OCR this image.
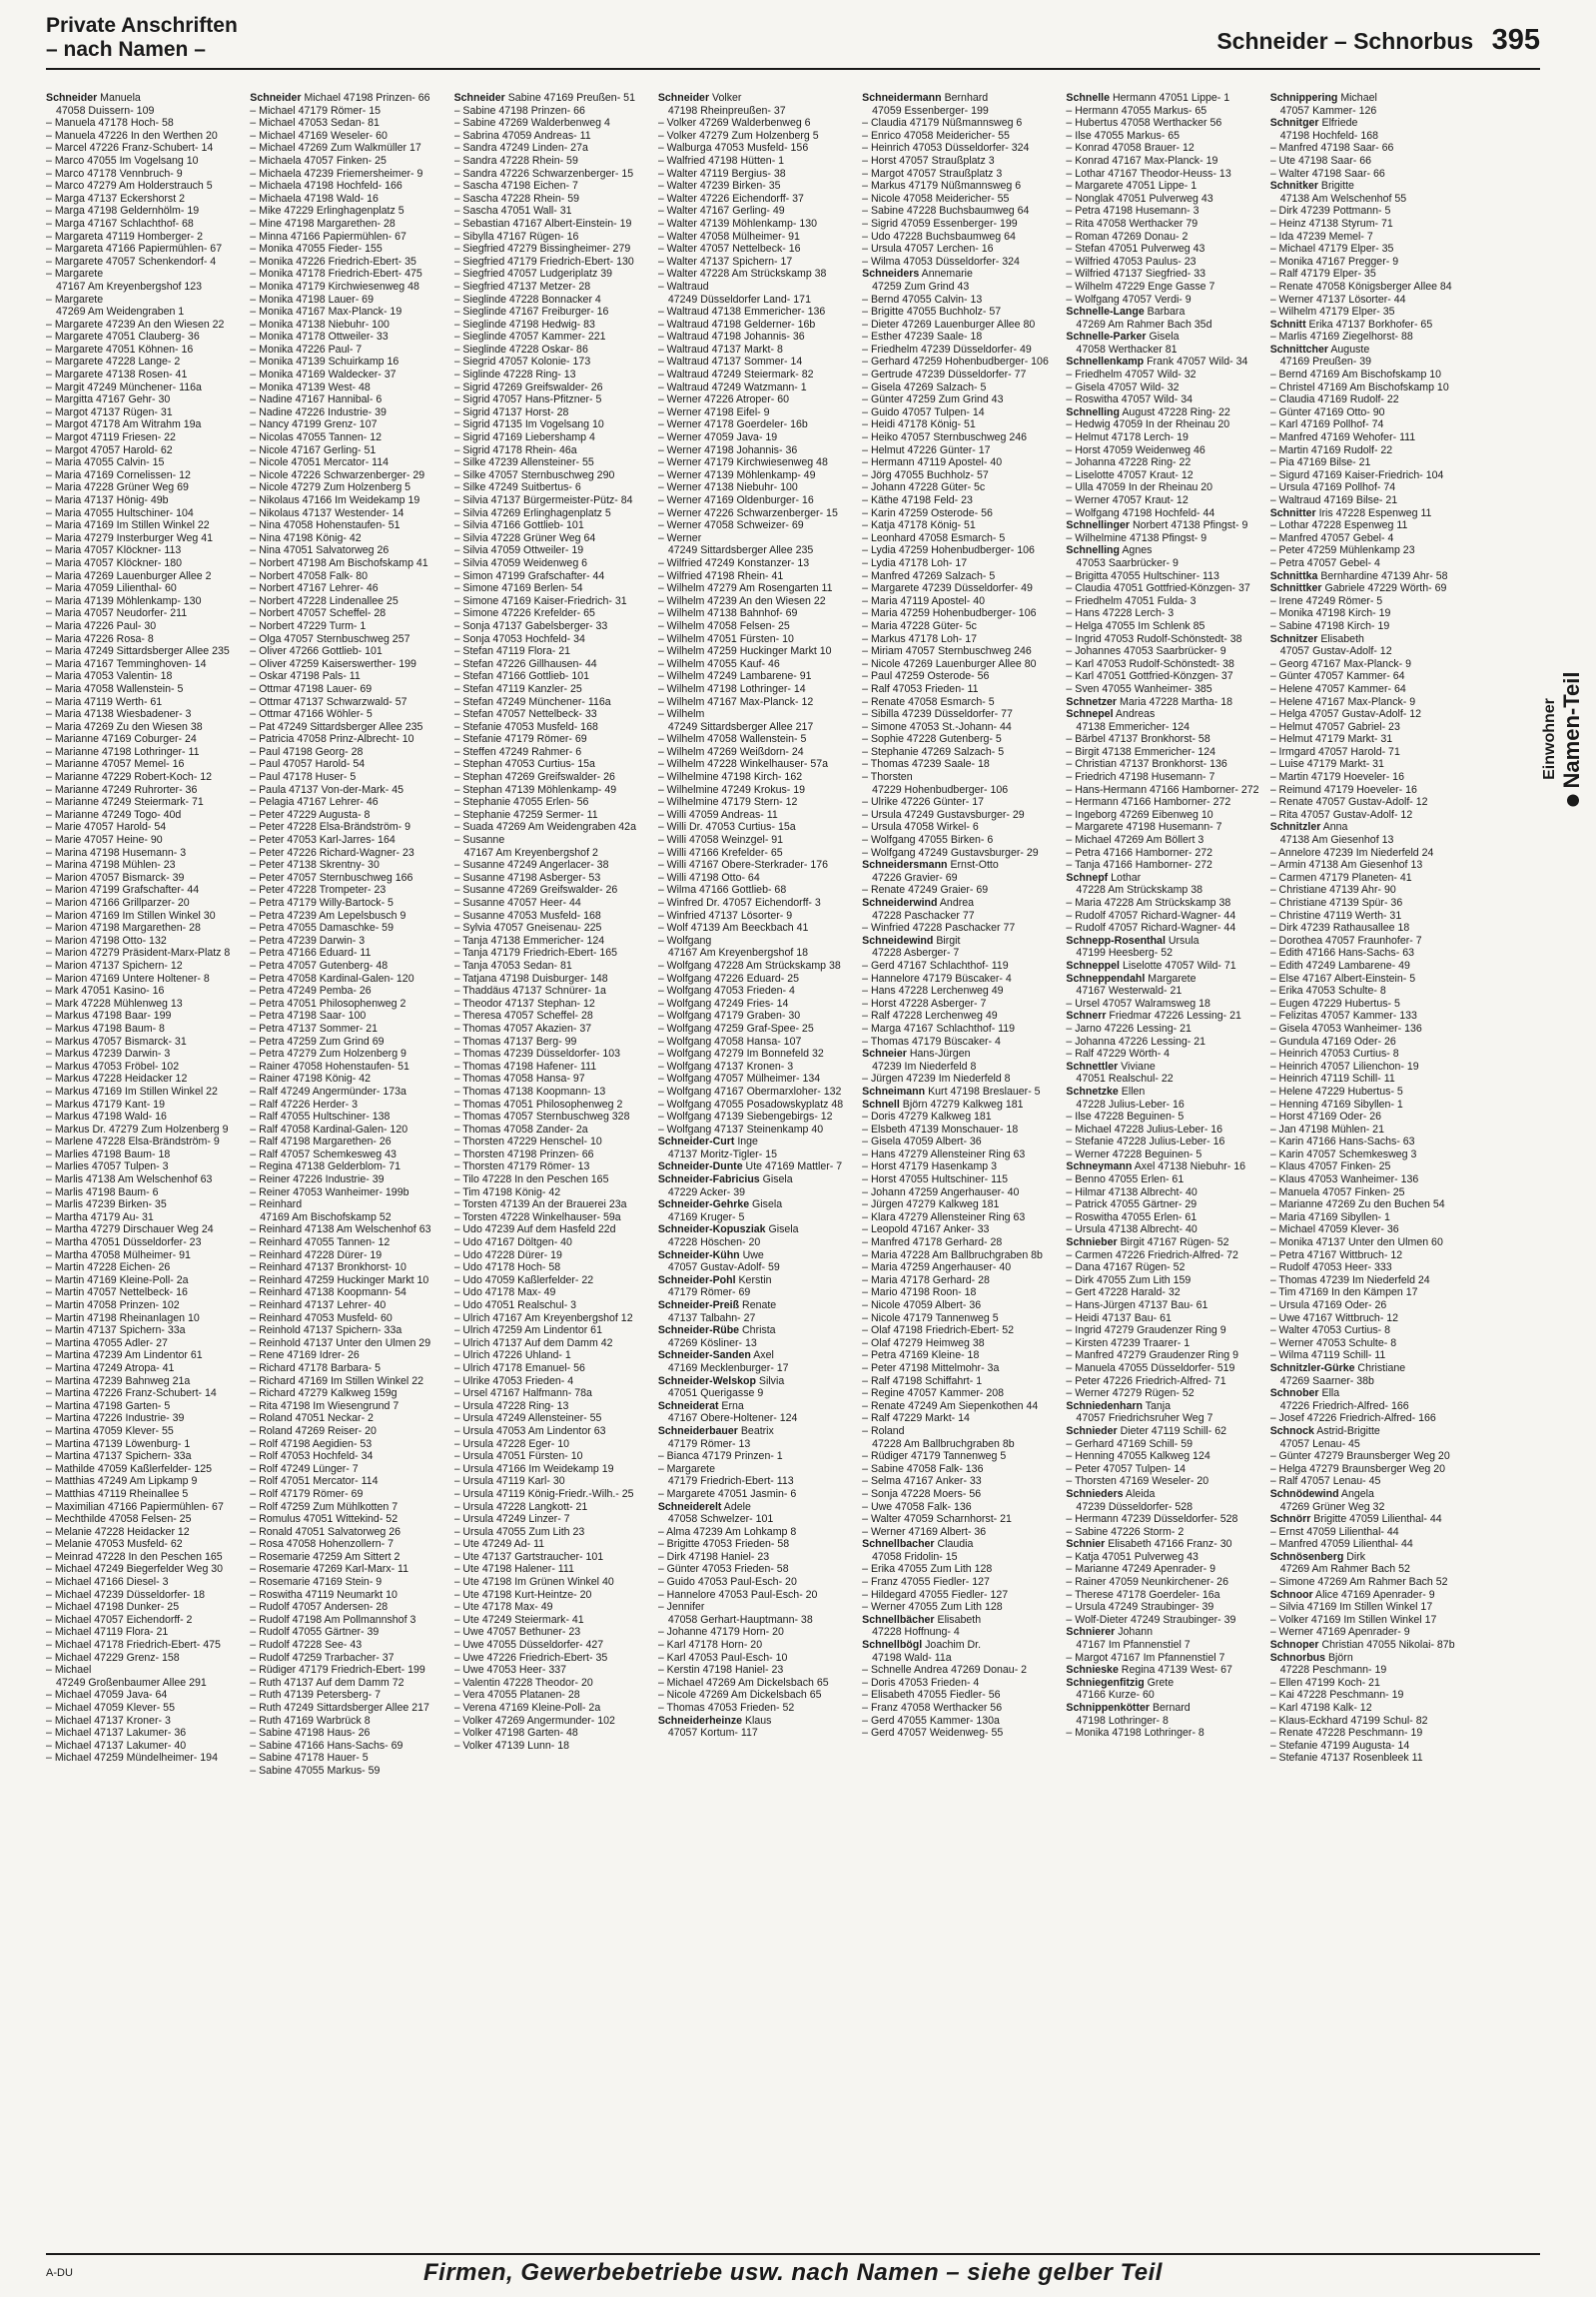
Private Anschriften
– nach Namen –	Schneider – Schnorbus 395
Schneider Manuela
47058 Duissern- 109
– Manuela 47178 Hoch- 58
– Manuela 47226 In den Werthen 20
– Marcel 47226 Franz-Schubert- 14
– Marco 47055 Im Vogelsang 10
– Marco 47178 Vennbruch- 9
– Marco 47279 Am Holderstrauch 5
– Marga 47137 Eckershorst 2
– Marga 47198 Geldernhölm- 19
– Marga 47167 Schlachthof- 68
– Margareta 47119 Homberger- 2
– Margareta 47166 Papiermühlen- 67
– Margarete 47057 Schenkendorf- 4
– Margarete
47167 Am Kreyenbergshof 123
– Margarete
47269 Am Weidengraben 1
– Margarete 47239 An den Wiesen 22
– Margarete 47051 Clauberg- 36
– Margarete 47051 Köhnen- 16
– Margarete 47228 Lange- 2
– Margarete 47138 Rosen- 41
– Margit 47249 Münchener- 116a
– Margitta 47167 Gehr- 30
– Margot 47137 Rügen- 31
– Margot 47178 Am Witrahm 19a
– Margot 47119 Friesen- 22
– Margot 47057 Harold- 62
– Maria 47055 Calvin- 15
– Maria 47169 Cornelissen- 12
– Maria 47228 Grüner Weg 69
– Maria 47137 Hönig- 49b
– Maria 47055 Hultschiner- 104
– Maria 47169 Im Stillen Winkel 22
– Maria 47279 Insterburger Weg 41
– Maria 47057 Klöckner- 113
– Maria 47057 Klöckner- 180
– Maria 47269 Lauenburger Allee 2
– Maria 47059 Lilienthal- 60
– Maria 47139 Möhlenkamp- 130
– Maria 47057 Neudorfer- 211
– Maria 47226 Paul- 30
– Maria 47226 Rosa- 8
– Maria 47249 Sittardsberger Allee 235
– Maria 47167 Temminghoven- 14
– Maria 47053 Valentin- 18
– Maria 47058 Wallenstein- 5
– Maria 47119 Werth- 61
– Maria 47138 Wiesbadener- 3
– Maria 47269 Zu den Wiesen 38
– Marianne 47169 Coburger- 24
– Marianne 47198 Lothringer- 11
– Marianne 47057 Memel- 16
– Marianne 47229 Robert-Koch- 12
– Marianne 47249 Ruhrorter- 36
– Marianne 47249 Steiermark- 71
– Marianne 47249 Togo- 40d
– Marie 47057 Harold- 54
– Marie 47057 Heine- 90
– Marina 47198 Husemann- 3
– Marina 47198 Mühlen- 23
– Marion 47057 Bismarck- 39
– Marion 47199 Grafschafter- 44
– Marion 47166 Grillparzer- 20
– Marion 47169 Im Stillen Winkel 30
– Marion 47198 Margarethen- 28
– Marion 47198 Otto- 132
– Marion 47279 Präsident-Marx-Platz 8
– Marion 47137 Spichern- 12
– Marion 47169 Untere Holtener- 8
– Mark 47051 Kasino- 16
– Mark 47228 Mühlenweg 13
– Markus 47198 Baar- 199
– Markus 47198 Baum- 8
– Markus 47057 Bismarck- 31
– Markus 47239 Darwin- 3
– Markus 47053 Fröbel- 102
– Markus 47228 Heidacker 12
– Markus 47169 Im Stillen Winkel 22
– Markus 47179 Kant- 19
– Markus 47198 Wald- 16
– Markus Dr. 47279 Zum Holzenberg 9
– Marlene 47228 Elsa-Brändström- 9
– Marlies 47198 Baum- 18
– Marlies 47057 Tulpen- 3
– Marlis 47138 Am Welschenhof 63
– Marlis 47198 Baum- 6
– Marlis 47239 Birken- 35
– Martha 47179 Au- 31
– Martha 47279 Dirschauer Weg 24
– Martha 47051 Düsseldorfer- 23
– Martha 47058 Mülheimer- 91
– Martin 47228 Eichen- 26
– Martin 47169 Kleine-Poll- 2a
– Martin 47057 Nettelbeck- 16
– Martin 47058 Prinzen- 102
– Martin 47198 Rheinanlagen 10
– Martin 47137 Spichern- 33a
– Martina 47055 Adler- 27
– Martina 47239 Am Lindentor 61
– Martina 47249 Atropa- 41
– Martina 47239 Bahnweg 21a
– Martina 47226 Franz-Schubert- 14
– Martina 47198 Garten- 5
– Martina 47226 Industrie- 39
– Martina 47059 Klever- 55
– Martina 47139 Löwenburg- 1
– Martina 47137 Spichern- 33a
– Mathilde 47059 Kaßlerfelder- 125
– Matthias 47249 Am Lipkamp 9
– Matthias 47119 Rheinallee 5
– Maximilian 47166 Papiermühlen- 67
– Mechthilde 47058 Felsen- 25
– Melanie 47228 Heidacker 12
– Melanie 47053 Musfeld- 62
– Meinrad 47228 In den Peschen 165
– Michael 47249 Biegerfelder Weg 30
– Michael 47166 Diesel- 3
– Michael 47239 Düsseldorfer- 18
– Michael 47198 Dunker- 25
– Michael 47057 Eichendorff- 2
– Michael 47119 Flora- 21
– Michael 47178 Friedrich-Ebert- 475
– Michael 47229 Grenz- 158
– Michael
47249 Großenbaumer Allee 291
– Michael 47059 Java- 64
– Michael 47059 Klever- 55
– Michael 47137 Kroner- 3
– Michael 47137 Lakumer- 36
– Michael 47137 Lakumer- 40
– Michael 47259 Mündelheimer- 194
Schneider Michael 47198 Prinzen- 66
– Michael 47179 Römer- 15
– Michael 47053 Sedan- 81
– Michael 47169 Weseler- 60
– Michael 47269 Zum Walkmüller 17
– Michaela 47057 Finken- 25
– Michaela 47239 Friemersheimer- 9
– Michaela 47198 Hochfeld- 166
– Michaela 47198 Wald- 16
– Mike 47229 Erlinghagenplatz 5
– Mine 47198 Margarethen- 28
– Minna 47166 Papiermühlen- 67
– Monika 47055 Fieder- 155
– Monika 47226 Friedrich-Ebert- 35
– Monika 47178 Friedrich-Ebert- 475
– Monika 47179 Kirchwiesenweg 48
– Monika 47198 Lauer- 69
– Monika 47167 Max-Planck- 19
– Monika 47138 Niebuhr- 100
– Monika 47178 Ottweiler- 33
– Monika 47226 Paul- 7
– Monika 47139 Schuirkamp 16
– Monika 47169 Waldecker- 37
– Monika 47139 West- 48
– Nadine 47167 Hannibal- 6
– Nadine 47226 Industrie- 39
– Nancy 47199 Grenz- 107
– Nicolas 47055 Tannen- 12
– Nicole 47167 Gerling- 51
– Nicole 47051 Mercator- 114
– Nicole 47226 Schwarzenberger- 29
– Nicole 47279 Zum Holzenberg 5
– Nikolaus 47166 Im Weidekamp 19
– Nikolaus 47137 Westender- 14
– Nina 47058 Hohenstaufen- 51
– Nina 47198 König- 42
– Nina 47051 Salvatorweg 26
– Norbert 47198 Am Bischofskamp 41
– Norbert 47058 Falk- 80
– Norbert 47167 Lehrer- 46
– Norbert 47228 Lindenallee 25
– Norbert 47057 Scheffel- 28
– Norbert 47229 Turm- 1
– Olga 47057 Sternbuschweg 257
– Oliver 47266 Gottlieb- 101
– Oliver 47259 Kaiserswerther- 199
– Oskar 47198 Pals- 11
– Ottmar 47198 Lauer- 69
– Ottmar 47137 Schwarzwald- 57
– Ottmar 47166 Wöhler- 5
– Pat 47249 Sittardsberger Allee 235
– Patricia 47058 Prinz-Albrecht- 10
– Paul 47198 Georg- 28
– Paul 47057 Harold- 54
– Paul 47178 Huser- 5
– Paula 47137 Von-der-Mark- 45
– Pelagia 47167 Lehrer- 46
– Peter 47229 Augusta- 8
– Peter 47228 Elsa-Brändström- 9
– Peter 47053 Karl-Jarres- 164
– Peter 47226 Richard-Wagner- 23
– Peter 47138 Skrentny- 30
– Peter 47057 Sternbuschweg 166
– Peter 47228 Trompeter- 23
– Petra 47179 Willy-Bartock- 5
– Petra 47239 Am Lepelsbusch 9
– Petra 47055 Damaschke- 59
– Petra 47239 Darwin- 3
– Petra 47166 Eduard- 11
– Petra 47057 Gutenberg- 48
– Petra 47058 Kardinal-Galen- 120
– Petra 47249 Pemba- 26
– Petra 47051 Philosophenweg 2
– Petra 47198 Saar- 100
– Petra 47137 Sommer- 21
– Petra 47259 Zum Grind 69
– Petra 47279 Zum Holzenberg 9
– Rainer 47058 Hohenstaufen- 51
– Rainer 47198 König- 42
– Ralf 47249 Angermünder- 173a
– Ralf 47226 Herder- 3
– Ralf 47055 Hultschiner- 138
– Ralf 47058 Kardinal-Galen- 120
– Ralf 47198 Margarethen- 26
– Ralf 47057 Schemkesweg 43
– Regina 47138 Gelderblom- 71
– Reiner 47226 Industrie- 39
– Reiner 47053 Wanheimer- 199b
– Reinhard
47169 Am Bischofskamp 52
– Reinhard 47138 Am Welschenhof 63
– Reinhard 47055 Tannen- 12
– Reinhard 47228 Dürer- 19
– Reinhard 47137 Bronkhorst- 10
– Reinhard 47259 Huckinger Markt 10
– Reinhard 47138 Koopmann- 54
– Reinhard 47137 Lehrer- 40
– Reinhard 47053 Musfeld- 60
– Reinhold 47137 Spichern- 33a
– Reinhold 47137 Unter den Ulmen 29
– Rene 47169 Idrer- 26
– Richard 47178 Barbara- 5
– Richard 47169 Im Stillen Winkel 22
– Richard 47279 Kalkweg 159g
– Rita 47198 Im Wiesengrund 7
– Roland 47051 Neckar- 2
– Roland 47269 Reiser- 20
– Rolf 47198 Aegidien- 53
– Rolf 47053 Hochfeld- 34
– Rolf 47249 Lünger- 7
– Rolf 47051 Mercator- 114
– Rolf 47179 Römer- 69
– Rolf 47259 Zum Mühlkotten 7
– Romulus 47051 Wittekind- 52
– Ronald 47051 Salvatorweg 26
– Rosa 47058 Hohenzollern- 7
– Rosemarie 47259 Am Sittert 2
– Rosemarie 47269 Karl-Marx- 11
– Rosemarie 47169 Stein- 9
– Roswitha 47119 Neumarkt 10
– Rudolf 47057 Andersen- 28
– Rudolf 47198 Am Pollmannshof 3
– Rudolf 47055 Gärtner- 39
– Rudolf 47228 See- 43
– Rudolf 47259 Trarbacher- 37
– Rüdiger 47179 Friedrich-Ebert- 199
– Ruth 47137 Auf dem Damm 72
– Ruth 47139 Petersberg- 7
– Ruth 47249 Sittardsberger Allee 217
– Ruth 47169 Warbrück 8
– Sabine 47198 Haus- 26
– Sabine 47166 Hans-Sachs- 69
– Sabine 47178 Hauer- 5
– Sabine 47055 Markus- 59
Schneider Sabine 47169 Preußen- 51
– Sabine 47198 Prinzen- 66
– Sabine 47269 Walderbenweg 4
– Sabrina 47059 Andreas- 11
– Sandra 47249 Linden- 27a
– Sandra 47228 Rhein- 59
– Sandra 47226 Schwarzenberger- 15
– Sascha 47198 Eichen- 7
– Sascha 47228 Rhein- 59
– Sascha 47051 Wall- 31
– Sebastian 47167 Albert-Einstein- 19
– Sibylla 47167 Rügen- 16
– Siegfried 47279 Bissingheimer- 279
– Siegfried 47179 Friedrich-Ebert- 130
– Siegfried 47057 Ludgeriplatz 39
– Siegfried 47137 Metzer- 28
– Sieglinde 47228 Bonnacker 4
– Sieglinde 47167 Freiburger- 16
– Sieglinde 47198 Hedwig- 83
– Sieglinde 47057 Kammer- 221
– Sieglinde 47228 Oskar- 86
– Siegrid 47057 Kolonie- 173
– Siglinde 47228 Ring- 13
– Sigrid 47269 Greifswalder- 26
– Sigrid 47057 Hans-Pfitzner- 5
– Sigrid 47137 Horst- 28
– Sigrid 47135 Im Vogelsang 10
– Sigrid 47169 Liebershamp 4
– Sigrid 47178 Rhein- 46a
– Silke 47239 Allensteiner- 55
– Silke 47057 Sternbuschweg 290
– Silke 47249 Suitbertus- 6
– Silvia 47137 Bürgermeister-Pütz- 84
– Silvia 47269 Erlinghagenplatz 5
– Silvia 47166 Gottlieb- 101
– Silvia 47228 Grüner Weg 64
– Silvia 47059 Ottweiler- 19
– Silvia 47059 Weidenweg 6
– Simon 47199 Grafschafter- 44
– Simone 47169 Berlen- 54
– Simone 47169 Kaiser-Friedrich- 31
– Simone 47226 Krefelder- 65
– Sonja 47137 Gabelsberger- 33
– Sonja 47053 Hochfeld- 34
– Stefan 47119 Flora- 21
– Stefan 47226 Gillhausen- 44
– Stefan 47166 Gottlieb- 101
– Stefan 47119 Kanzler- 25
– Stefan 47249 Münchener- 116a
– Stefan 47057 Nettelbeck- 33
– Stefanie 47053 Musfeld- 168
– Stefanie 47179 Römer- 69
– Steffen 47249 Rahmer- 6
– Stephan 47053 Curtius- 15a
– Stephan 47269 Greifswalder- 26
– Stephan 47139 Möhlenkamp- 49
– Stephanie 47055 Erlen- 56
– Stephanie 47259 Sermer- 11
– Suada 47269 Am Weidengraben 42a
– Susanne
47167 Am Kreyenbergshof 2
– Susanne 47249 Angerlacer- 38
– Susanne 47198 Asberger- 53
– Susanne 47269 Greifswalder- 26
– Susanne 47057 Heer- 44
– Susanne 47053 Musfeld- 168
– Sylvia 47057 Gneisenau- 225
– Tanja 47138 Emmericher- 124
– Tanja 47179 Friedrich-Ebert- 165
– Tanja 47053 Sedan- 81
– Tatjana 47198 Duisburger- 148
– Thaddäus 47137 Schnürer- 1a
– Theodor 47137 Stephan- 12
– Theresa 47057 Scheffel- 28
– Thomas 47057 Akazien- 37
– Thomas 47137 Berg- 99
– Thomas 47239 Düsseldorfer- 103
– Thomas 47198 Hafener- 111
– Thomas 47058 Hansa- 97
– Thomas 47138 Koopmann- 13
– Thomas 47051 Philosophenweg 2
– Thomas 47057 Sternbuschweg 328
– Thomas 47058 Zander- 2a
– Thorsten 47229 Henschel- 10
– Thorsten 47198 Prinzen- 66
– Thorsten 47179 Römer- 13
– Tilo 47228 In den Peschen 165
– Tim 47198 König- 42
– Torsten 47139 An der Brauerei 23a
– Torsten 47228 Winkelhauser- 59a
– Udo 47239 Auf dem Hasfeld 22d
– Udo 47167 Döltgen- 40
– Udo 47228 Dürer- 19
– Udo 47178 Hoch- 58
– Udo 47059 Kaßlerfelder- 22
– Udo 47178 Max- 49
– Udo 47051 Realschul- 3
– Ulrich 47167 Am Kreyenbergshof 12
– Ulrich 47259 Am Lindentor 61
– Ulrich 47137 Auf dem Damm 42
– Ulrich 47226 Uhland- 1
– Ulrich 47178 Emanuel- 56
– Ulrike 47053 Frieden- 4
– Ursel 47167 Halfmann- 78a
– Ursula 47228 Ring- 13
– Ursula 47249 Allensteiner- 55
– Ursula 47053 Am Lindentor 63
– Ursula 47228 Eger- 10
– Ursula 47051 Fürsten- 10
– Ursula 47166 Im Weidekamp 19
– Ursula 47119 Karl- 30
– Ursula 47119 König-Friedr.-Wilh.- 25
– Ursula 47228 Langkott- 21
– Ursula 47249 Linzer- 7
– Ursula 47055 Zum Lith 23
– Ute 47249 Ad- 11
– Ute 47137 Gartstraucher- 101
– Ute 47198 Halener- 111
– Ute 47198 Im Grünen Winkel 40
– Ute 47198 Kurt-Heintze- 20
– Ute 47178 Max- 49
– Ute 47249 Steiermark- 41
– Uwe 47057 Bethuner- 23
– Uwe 47055 Düsseldorfer- 427
– Uwe 47226 Friedrich-Ebert- 35
– Uwe 47053 Heer- 337
– Valentin 47228 Theodor- 20
– Vera 47055 Platanen- 28
– Verena 47169 Kleine-Poll- 2a
– Volker 47269 Angermunder- 102
– Volker 47198 Garten- 48
– Volker 47139 Lunn- 18
Schneider Volker
47198 Rheinpreußen- 37
– Volker 47269 Walderbenweg 6
– Volker 47279 Zum Holzenberg 5
– Walburga 47053 Musfeld- 156
– Walfried 47198 Hütten- 1
– Walter 47119 Bergius- 38
– Walter 47239 Birken- 35
– Walter 47226 Eichendorff- 37
– Walter 47167 Gerling- 49
– Walter 47139 Möhlenkamp- 130
– Walter 47058 Mülheimer- 91
– Walter 47057 Nettelbeck- 16
– Walter 47137 Spichern- 17
– Walter 47228 Am Strückskamp 38
– Waltraud
47249 Düsseldorfer Land- 171
– Waltraud 47138 Emmericher- 136
– Waltraud 47198 Gelderner- 16b
– Waltraud 47198 Johannis- 36
– Waltraud 47137 Markt- 8
– Waltraud 47137 Sommer- 14
– Waltraud 47249 Steiermark- 82
– Waltraud 47249 Watzmann- 1
– Werner 47226 Atroper- 60
– Werner 47198 Eifel- 9
– Werner 47178 Goerdeler- 16b
– Werner 47059 Java- 19
– Werner 47198 Johannis- 36
– Werner 47179 Kirchwiesenweg 48
– Werner 47139 Möhlenkamp- 49
– Werner 47138 Niebuhr- 100
– Werner 47169 Oldenburger- 16
– Werner 47226 Schwarzenberger- 15
– Werner 47058 Schweizer- 69
– Werner
47249 Sittardsberger Allee 235
– Wilfried 47249 Konstanzer- 13
– Wilfried 47198 Rhein- 41
– Wilhelm 47279 Am Rosengarten 11
– Wilhelm 47239 An den Wiesen 22
– Wilhelm 47138 Bahnhof- 69
– Wilhelm 47058 Felsen- 25
– Wilhelm 47051 Fürsten- 10
– Wilhelm 47259 Huckinger Markt 10
– Wilhelm 47055 Kauf- 46
– Wilhelm 47249 Lambarene- 91
– Wilhelm 47198 Lothringer- 14
– Wilhelm 47167 Max-Planck- 12
– Wilhelm
47249 Sittardsberger Allee 217
– Wilhelm 47058 Wallenstein- 5
– Wilhelm 47269 Weißdorn- 24
– Wilhelm 47228 Winkelhauser- 57a
– Wilhelmine 47198 Kirch- 162
– Wilhelmine 47249 Krokus- 19
– Wilhelmine 47179 Stern- 12
– Willi 47059 Andreas- 11
– Willi Dr. 47053 Curtius- 15a
– Willi 47058 Weinzgel- 91
– Willi 47166 Krefelder- 65
– Willi 47167 Obere-Sterkrader- 176
– Willi 47198 Otto- 64
– Wilma 47166 Gottlieb- 68
– Winfred Dr. 47057 Eichendorff- 3
– Winfried 47137 Lösorter- 9
– Wolf 47139 Am Beeckbach 41
– Wolfgang
47167 Am Kreyenbergshof 18
– Wolfgang 47228 Am Strückskamp 38
– Wolfgang 47226 Eduard- 25
– Wolfgang 47053 Frieden- 4
– Wolfgang 47249 Fries- 14
– Wolfgang 47179 Graben- 30
– Wolfgang 47259 Graf-Spee- 25
– Wolfgang 47058 Hansa- 107
– Wolfgang 47279 Im Bonnefeld 32
– Wolfgang 47137 Kronen- 3
– Wolfgang 47057 Mülheimer- 134
– Wolfgang 47167 Obermarxloher- 132
– Wolfgang 47055 Posadowskyplatz 48
– Wolfgang 47139 Siebengebirgs- 12
– Wolfgang 47137 Steinenkamp 40
Schneider-Curt Inge
47137 Moritz-Tigler- 15
Schneider-Dunte Ute 47169 Mattler- 7
Schneider-Fabricius Gisela
47229 Acker- 39
Schneider-Gehrke Gisela
47169 Kruger- 5
Schneider-Kopusziak Gisela
47228 Höschen- 20
Schneider-Kühn Uwe
47057 Gustav-Adolf- 59
Schneider-Pohl Kerstin
47179 Römer- 69
Schneider-Preiß Renate
47137 Talbahn- 27
Schneider-Rübe Christa
47269 Kösliner- 13
Schneider-Sanden Axel
47169 Mecklenburger- 17
Schneider-Welskop Silvia
47051 Querigasse 9
Schneiderat Erna
47167 Obere-Holtener- 124
Schneiderbauer Beatrix
47179 Römer- 13
– Bianca 47179 Prinzen- 1
– Margarete
47179 Friedrich-Ebert- 113
– Margarete 47051 Jasmin- 6
Schneiderelt Adele
47058 Schwelzer- 101
– Alma 47239 Am Lohkamp 8
– Brigitte 47053 Frieden- 58
– Dirk 47198 Haniel- 23
– Günter 47053 Frieden- 58
– Guido 47053 Paul-Esch- 20
– Hannelore 47053 Paul-Esch- 20
– Jennifer
47058 Gerhart-Hauptmann- 38
– Johanne 47179 Horn- 20
– Karl 47178 Horn- 20
– Karl 47053 Paul-Esch- 10
– Kerstin 47198 Haniel- 23
– Michael 47269 Am Dickelsbach 65
– Nicole 47269 Am Dickelsbach 65
– Thomas 47053 Frieden- 52
Schneiderheinze Klaus
47057 Kortum- 117
Schneidermann Bernhard
47059 Essenberger- 199
– Claudia 47179 Nüßmannsweg 6
– Enrico 47058 Meidericher- 55
– Heinrich 47053 Düsseldorfer- 324
– Horst 47057 Straußplatz 3
– Margot 47057 Straußplatz 3
– Markus 47179 Nüßmannsweg 6
– Nicole 47058 Meidericher- 55
– Sabine 47228 Buchsbaumweg 64
– Sigrid 47059 Essenberger- 199
– Udo 47228 Buchsbaumweg 64
– Ursula 47057 Lerchen- 16
– Wilma 47053 Düsseldorfer- 324
Schneiders Annemarie
47259 Zum Grind 43
– Bernd 47055 Calvin- 13
– Brigitte 47055 Buchholz- 57
– Dieter 47269 Lauenburger Allee 80
– Esther 47239 Saale- 18
– Friedhelm 47239 Düsseldorfer- 49
– Gerhard 47259 Hohenbudberger- 106
– Gertrude 47239 Düsseldorfer- 77
– Gisela 47269 Salzach- 5
– Günter 47259 Zum Grind 43
– Guido 47057 Tulpen- 14
– Heidi 47178 König- 51
– Heiko 47057 Sternbuschweg 246
– Helmut 47226 Günter- 17
– Hermann 47119 Apostel- 40
– Jörg 47055 Buchholz- 57
– Johann 47228 Güter- 5c
– Käthe 47198 Feld- 23
– Karin 47259 Osterode- 56
– Katja 47178 König- 51
– Leonhard 47058 Esmarch- 5
– Lydia 47259 Hohenbudberger- 106
– Lydia 47178 Loh- 17
– Manfred 47269 Salzach- 5
– Margarete 47239 Düsseldorfer- 49
– Maria 47119 Apostel- 40
– Maria 47259 Hohenbudberger- 106
– Maria 47228 Güter- 5c
– Markus 47178 Loh- 17
– Miriam 47057 Sternbuschweg 246
– Nicole 47269 Lauenburger Allee 80
– Paul 47259 Osterode- 56
– Ralf 47053 Frieden- 11
– Renate 47058 Esmarch- 5
– Sibilla 47239 Düsseldorfer- 77
– Simone 47053 St.-Johann- 44
– Sophie 47228 Gutenberg- 5
– Stephanie 47269 Salzach- 5
– Thomas 47239 Saale- 18
– Thorsten
47229 Hohenbudberger- 106
– Ulrike 47226 Günter- 17
– Ursula 47249 Gustavsburger- 29
– Ursula 47058 Wirkel- 6
– Wolfgang 47055 Birken- 6
– Wolfgang 47249 Gustavsburger- 29
Schneidersmann Ernst-Otto
47226 Gravier- 69
– Renate 47249 Graier- 69
Schneiderwind Andrea
47228 Paschacker 77
– Winfried 47228 Paschacker 77
Schneidewind Birgit
47228 Asberger- 7
– Gerd 47167 Schlachthof- 119
– Hannelore 47179 Büscaker- 4
– Hans 47228 Lerchenweg 49
– Horst 47228 Asberger- 7
– Ralf 47228 Lerchenweg 49
– Marga 47167 Schlachthof- 119
– Thomas 47179 Büscaker- 4
Schneier Hans-Jürgen
47239 Im Niederfeld 8
– Jürgen 47239 Im Niederfeld 8
Schneimann Kurt 47198 Breslauer- 5
Schnell Björn 47279 Kalkweg 181
– Doris 47279 Kalkweg 181
– Elsbeth 47139 Monschauer- 18
– Gisela 47059 Albert- 36
– Hans 47279 Allensteiner Ring 63
– Horst 47179 Hasenkamp 3
– Horst 47055 Hultschiner- 115
– Johann 47259 Angerhauser- 40
– Jürgen 47279 Kalkweg 181
– Klara 47279 Allensteiner Ring 63
– Leopold 47167 Anker- 33
– Manfred 47178 Gerhard- 28
– Maria 47228 Am Ballbruchgraben 8b
– Maria 47259 Angerhauser- 40
– Maria 47178 Gerhard- 28
– Mario 47198 Roon- 18
– Nicole 47059 Albert- 36
– Nicole 47179 Tannenweg 5
– Olaf 47198 Friedrich-Ebert- 52
– Olaf 47279 Heimweg 38
– Petra 47169 Kleine- 18
– Peter 47198 Mittelmohr- 3a
– Ralf 47198 Schiffahrt- 1
– Regine 47057 Kammer- 208
– Renate 47249 Am Siepenkothen 44
– Ralf 47229 Markt- 14
– Roland
47228 Am Ballbruchgraben 8b
– Rüdiger 47179 Tannenweg 5
– Sabine 47058 Falk- 136
– Selma 47167 Anker- 33
– Sonja 47228 Moers- 56
– Uwe 47058 Falk- 136
– Walter 47059 Scharnhorst- 21
– Werner 47169 Albert- 36
Schnellbacher Claudia
47058 Fridolin- 15
– Erika 47055 Zum Lith 128
– Franz 47055 Fiedler- 127
– Hildegard 47055 Fiedler- 127
– Werner 47055 Zum Lith 128
Schnellbächer Elisabeth
47228 Hoffnung- 4
Schnellbögl Joachim Dr.
47198 Wald- 11a
– Schnelle Andrea 47269 Donau- 2
– Doris 47053 Frieden- 4
– Elisabeth 47055 Fiedler- 56
– Franz 47058 Werthacker 56
– Gerd 47055 Kammer- 130a
– Gerd 47057 Weidenweg- 55
Schnelle Hermann 47051 Lippe- 1
– Hermann 47055 Markus- 65
– Hubertus 47058 Werthacker 56
– Ilse 47055 Markus- 65
– Konrad 47058 Brauer- 12
– Konrad 47167 Max-Planck- 19
– Lothar 47167 Theodor-Heuss- 13
– Margarete 47051 Lippe- 1
– Nonglak 47051 Pulverweg 43
– Petra 47198 Husemann- 3
– Rita 47058 Werthacker 79
– Roman 47269 Donau- 2
– Stefan 47051 Pulverweg 43
– Wilfried 47053 Paulus- 23
– Wilfried 47137 Siegfried- 33
– Wilhelm 47229 Enge Gasse 7
– Wolfgang 47057 Verdi- 9
Schnelle-Lange Barbara
47269 Am Rahmer Bach 35d
Schnelle-Parker Gisela
47058 Werthacker 81
Schnellenkamp Frank 47057 Wild- 34
– Friedhelm 47057 Wild- 32
– Gisela 47057 Wild- 32
– Roswitha 47057 Wild- 34
Schnelling August 47228 Ring- 22
– Hedwig 47059 In der Rheinau 20
– Helmut 47178 Lerch- 19
– Horst 47059 Weidenweg 46
– Johanna 47228 Ring- 22
– Liselotte 47057 Kraut- 12
– Ulla 47059 In der Rheinau 20
– Werner 47057 Kraut- 12
– Wolfgang 47198 Hochfeld- 44
Schnellinger Norbert 47138 Pfingst- 9
– Wilhelmine 47138 Pfingst- 9
Schnelling Agnes
47053 Saarbrücker- 9
– Brigitta 47055 Hultschiner- 113
– Claudia 47051 Gottfried-Könzgen- 37
– Friedhelm 47051 Fulda- 3
– Hans 47228 Lerch- 3
– Helga 47055 Im Schlenk 85
– Ingrid 47053 Rudolf-Schönstedt- 38
– Johannes 47053 Saarbrücker- 9
– Karl 47053 Rudolf-Schönstedt- 38
– Karl 47051 Gottfried-Könzgen- 37
– Sven 47055 Wanheimer- 385
Schnetzer Maria 47228 Martha- 18
Schnepel Andreas
47138 Emmericher- 124
– Bärbel 47137 Bronkhorst- 58
– Birgit 47138 Emmericher- 124
– Christian 47137 Bronkhorst- 136
– Friedrich 47198 Husemann- 7
– Hans-Hermann 47166 Hamborner- 272
– Hermann 47166 Hamborner- 272
– Ingeborg 47269 Eibenweg 10
– Margarete 47198 Husemann- 7
– Michael 47269 Am Böllert 3
– Petra 47166 Hamborner- 272
– Tanja 47166 Hamborner- 272
Schnepf Lothar
47228 Am Strückskamp 38
– Maria 47228 Am Strückskamp 38
– Rudolf 47057 Richard-Wagner- 44
– Rudolf 47057 Richard-Wagner- 44
Schnepp-Rosenthal Ursula
47199 Heesberg- 52
Schneppel Liselotte 47057 Wild- 71
Schneppendahl Margarete
47167 Westerwald- 21
– Ursel 47057 Walramsweg 18
Schnerr Friedmar 47226 Lessing- 21
– Jarno 47226 Lessing- 21
– Johanna 47226 Lessing- 21
– Ralf 47229 Wörth- 4
Schnettler Viviane
47051 Realschul- 22
Schnetzke Ellen
47228 Julius-Leber- 16
– Ilse 47228 Beguinen- 5
– Michael 47228 Julius-Leber- 16
– Stefanie 47228 Julius-Leber- 16
– Werner 47228 Beguinen- 5
Schneymann Axel 47138 Niebuhr- 16
– Benno 47055 Erlen- 61
– Hilmar 47138 Albrecht- 40
– Patrick 47055 Gärtner- 29
– Roswitha 47055 Erlen- 61
– Ursula 47138 Albrecht- 40
Schnieber Birgit 47167 Rügen- 52
– Carmen 47226 Friedrich-Alfred- 72
– Dana 47167 Rügen- 52
– Dirk 47055 Zum Lith 159
– Gert 47228 Harald- 32
– Hans-Jürgen 47137 Bau- 61
– Heidi 47137 Bau- 61
– Ingrid 47279 Graudenzer Ring 9
– Kirsten 47239 Traarer- 1
– Manfred 47279 Graudenzer Ring 9
– Manuela 47055 Düsseldorfer- 519
– Peter 47226 Friedrich-Alfred- 71
– Werner 47279 Rügen- 52
Schniedenharn Tanja
47057 Friedrichsruher Weg 7
Schnieder Dieter 47119 Schill- 62
– Gerhard 47169 Schill- 59
– Henning 47055 Kalkweg 124
– Peter 47057 Tulpen- 14
– Thorsten 47169 Weseler- 20
Schnieders Aleida
47239 Düsseldorfer- 528
– Hermann 47239 Düsseldorfer- 528
– Sabine 47226 Storm- 2
Schnier Elisabeth 47166 Franz- 30
– Katja 47051 Pulverweg 43
– Marianne 47249 Apenrader- 9
– Rainer 47059 Neunkirchener- 26
– Therese 47178 Goerdeler- 16a
– Ursula 47249 Straubinger- 39
– Wolf-Dieter 47249 Straubinger- 39
Schnierer Johann
47167 Im Pfannenstiel 7
– Margot 47167 Im Pfannenstiel 7
Schnieske Regina 47139 West- 67
Schniegenfitzig Grete
47166 Kurze- 60
Schnippenkötter Bernard
47198 Lothringer- 8
– Monika 47198 Lothringer- 8
Schnippering Michael
47057 Kammer- 126
Schnitger Elfriede
47198 Hochfeld- 168
– Manfred 47198 Saar- 66
– Ute 47198 Saar- 66
– Walter 47198 Saar- 66
Schnitker Brigitte
47138 Am Welschenhof 55
– Dirk 47239 Pottmann- 5
– Heinz 47138 Styrum- 71
– Ida 47239 Memel- 7
– Michael 47179 Elper- 35
– Monika 47167 Pregger- 9
– Ralf 47179 Elper- 35
– Renate 47058 Königsberger Allee 84
– Werner 47137 Lösorter- 44
– Wilhelm 47179 Elper- 35
Schnitt Erika 47137 Borkhofer- 65
– Marlis 47169 Ziegelhorst- 88
Schnittcher Auguste
47169 Preußen- 39
– Bernd 47169 Am Bischofskamp 10
– Christel 47169 Am Bischofskamp 10
– Claudia 47169 Rudolf- 22
– Günter 47169 Otto- 90
– Karl 47169 Pollhof- 74
– Manfred 47169 Wehofer- 111
– Martin 47169 Rudolf- 22
– Pia 47169 Bilse- 21
– Sigurd 47169 Kaiser-Friedrich- 104
– Ursula 47169 Pollhof- 74
– Waltraud 47169 Bilse- 21
Schnitter Iris 47228 Espenweg 11
– Lothar 47228 Espenweg 11
– Manfred 47057 Gebel- 4
– Peter 47259 Mühlenkamp 23
– Petra 47057 Gebel- 4
Schnittka Bernhardine 47139 Ahr- 58
Schnittker Gabriele 47229 Wörth- 69
– Irene 47249 Römer- 5
– Monika 47198 Kirch- 19
– Sabine 47198 Kirch- 19
Schnitzer Elisabeth
47057 Gustav-Adolf- 12
– Georg 47167 Max-Planck- 9
– Günter 47057 Kammer- 64
– Helene 47057 Kammer- 64
– Helene 47167 Max-Planck- 9
– Helga 47057 Gustav-Adolf- 12
– Helmut 47057 Gabriel- 23
– Helmut 47179 Markt- 31
– Irmgard 47057 Harold- 71
– Luise 47179 Markt- 31
– Martin 47179 Hoeveler- 16
– Reimund 47179 Hoeveler- 16
– Renate 47057 Gustav-Adolf- 12
– Rita 47057 Gustav-Adolf- 12
Schnitzler Anna
47138 Am Giesenhof 13
– Annelore 47239 Im Niederfeld 24
– Armin 47138 Am Giesenhof 13
– Carmen 47179 Planeten- 41
– Christiane 47139 Ahr- 90
– Christiane 47139 Spür- 36
– Christine 47119 Werth- 31
– Dirk 47239 Rathausallee 18
– Dorothea 47057 Fraunhofer- 7
– Edith 47166 Hans-Sachs- 63
– Edith 47249 Lambarene- 49
– Else 47167 Albert-Einstein- 5
– Erika 47053 Schulte- 8
– Eugen 47229 Hubertus- 5
– Felizitas 47057 Kammer- 133
– Gisela 47053 Wanheimer- 136
– Gundula 47169 Oder- 26
– Heinrich 47053 Curtius- 8
– Heinrich 47057 Lilienchon- 19
– Heinrich 47119 Schill- 11
– Helene 47229 Hubertus- 5
– Henning 47169 Sibyllen- 1
– Horst 47169 Oder- 26
– Jan 47198 Mühlen- 21
– Karin 47166 Hans-Sachs- 63
– Karin 47057 Schemkesweg 3
– Klaus 47057 Finken- 25
– Klaus 47053 Wanheimer- 136
– Manuela 47057 Finken- 25
– Marianne 47269 Zu den Buchen 54
– Maria 47169 Sibyllen- 1
– Michael 47059 Klever- 36
– Monika 47137 Unter den Ulmen 60
– Petra 47167 Wittbruch- 12
– Rudolf 47053 Heer- 333
– Thomas 47239 Im Niederfeld 24
– Tim 47169 In den Kämpen 17
– Ursula 47169 Oder- 26
– Uwe 47167 Wittbruch- 12
– Walter 47053 Curtius- 8
– Werner 47053 Schulte- 8
– Wilma 47119 Schill- 11
Schnitzler-Gürke Christiane
47269 Saarner- 38b
Schnober Ella
47226 Friedrich-Alfred- 166
– Josef 47226 Friedrich-Alfred- 166
Schnock Astrid-Brigitte
47057 Lenau- 45
– Günter 47279 Braunsberger Weg 20
– Helga 47279 Braunsberger Weg 20
– Ralf 47057 Lenau- 45
Schnödewind Angela
47269 Grüner Weg 32
Schnörr Brigitte 47059 Lilienthal- 44
– Ernst 47059 Lilienthal- 44
– Manfred 47059 Lilienthal- 44
Schnösenberg Dirk
47269 Am Rahmer Bach 52
– Simone 47269 Am Rahmer Bach 52
Schnoor Alice 47169 Apenrader- 9
– Silvia 47169 Im Stillen Winkel 17
– Volker 47169 Im Stillen Winkel 17
– Werner 47169 Apenrader- 9
Schnoper Christian 47055 Nikolai- 87b
Schnorbus Björn
47228 Peschmann- 19
– Ellen 47199 Koch- 21
– Kai 47228 Peschmann- 19
– Karl 47198 Kalk- 12
– Klaus-Eckhard 47199 Schul- 82
– Renate 47228 Peschmann- 19
– Stefanie 47199 Augusta- 14
– Stefanie 47137 Rosenbleek 11
Einwohner Namen-Teil
A-DU	Firmen, Gewerbebetriebe usw. nach Namen – siehe gelber Teil
